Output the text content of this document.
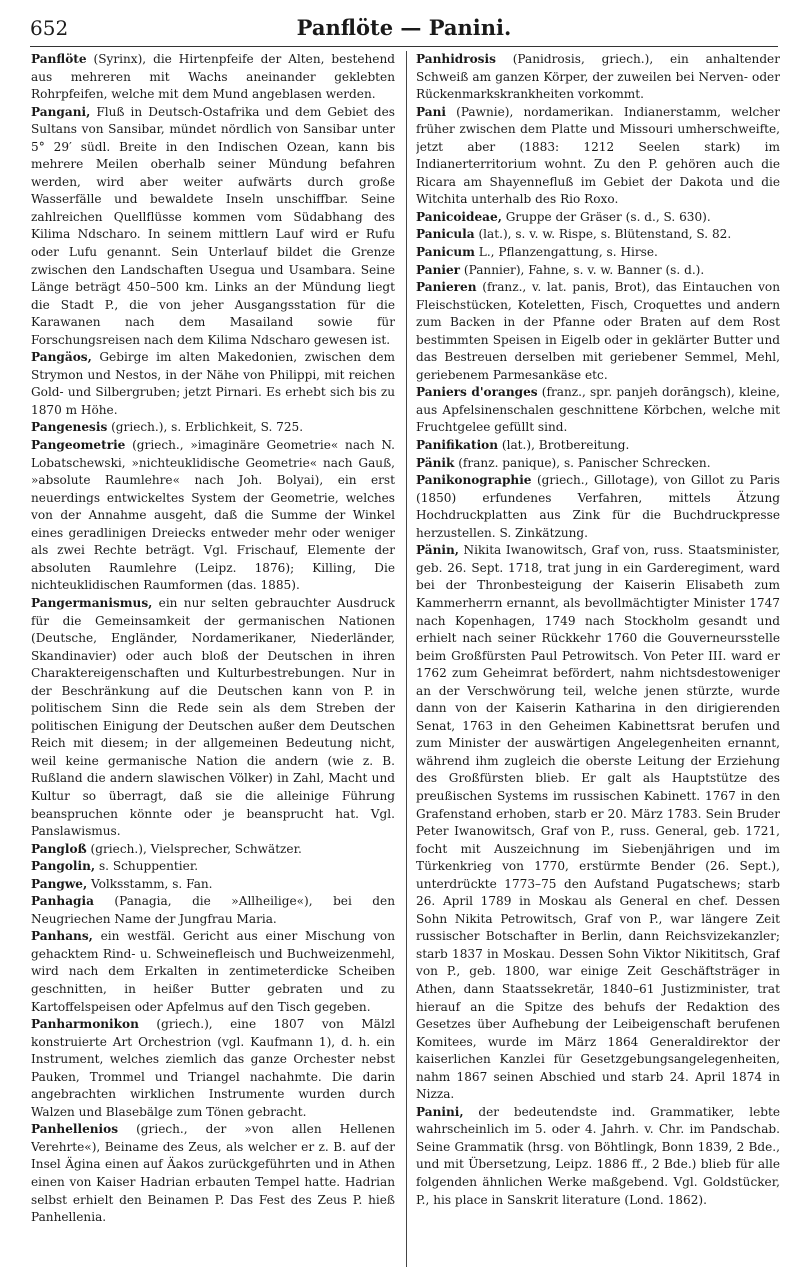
652	Panflöte — Panini.

Panflöte (Syrinx), die Hirtenpfeife der Alten, bestehend aus mehreren mit Wachs aneinander geklebten Rohrpfeifen, welche mit dem Mund angeblasen werden.

Pangani, Fluß in Deutsch-Ostafrika und dem Gebiet des Sultans von Sansibar, mündet nördlich von Sansibar unter 5° 29′ südl. Breite in den Indischen Ozean, kann bis mehrere Meilen oberhalb seiner Mündung befahren werden, wird aber weiter aufwärts durch große Wasserfälle und bewaldete Inseln unschiffbar. Seine zahlreichen Quellflüsse kommen vom Südabhang des Kilima Ndscharo. In seinem mittlern Lauf wird er Rufu oder Lufu genannt. Sein Unterlauf bildet die Grenze zwischen den Landschaften Usegua und Usambara. Seine Länge beträgt 450–500 km. Links an der Mündung liegt die Stadt P., die von jeher Ausgangsstation für die Karawanen nach dem Masailand sowie für Forschungsreisen nach dem Kilima Ndscharo gewesen ist.

Pangäos, Gebirge im alten Makedonien, zwischen dem Strymon und Nestos, in der Nähe von Philippi, mit reichen Gold- und Silbergruben; jetzt Pirnari. Es erhebt sich bis zu 1870 m Höhe.

Pangenesis (griech.), s. Erblichkeit, S. 725.

Pangeometrie (griech., »imaginäre Geometrie« nach N. Lobatschewski, »nichteuklidische Geometrie« nach Gauß, »absolute Raumlehre« nach Joh. Bolyai), ein erst neuerdings entwickeltes System der Geometrie, welches von der Annahme ausgeht, daß die Summe der Winkel eines geradlinigen Dreiecks entweder mehr oder weniger als zwei Rechte beträgt. Vgl. Frischauf, Elemente der absoluten Raumlehre (Leipz. 1876); Killing, Die nichteuklidischen Raumformen (das. 1885).

Pangermanismus, ein nur selten gebrauchter Ausdruck für die Gemeinsamkeit der germanischen Nationen (Deutsche, Engländer, Nordamerikaner, Niederländer, Skandinavier) oder auch bloß der Deutschen in ihren Charaktereigenschaften und Kulturbestrebungen. Nur in der Beschränkung auf die Deutschen kann von P. in politischem Sinn die Rede sein als dem Streben der politischen Einigung der Deutschen außer dem Deutschen Reich mit diesem; in der allgemeinen Bedeutung nicht, weil keine germanische Nation die andern (wie z. B. Rußland die andern slawischen Völker) in Zahl, Macht und Kultur so überragt, daß sie die alleinige Führung beanspruchen könnte oder je beansprucht hat. Vgl. Panslawismus.

Pangloß (griech.), Vielsprecher, Schwätzer.

Pangolin, s. Schuppentier.

Pangwe, Volksstamm, s. Fan.

Panhagia (Panagia, die »Allheilige«), bei den Neugriechen Name der Jungfrau Maria.

Panhans, ein westfäl. Gericht aus einer Mischung von gehacktem Rind- u. Schweinefleisch und Buchweizenmehl, wird nach dem Erkalten in zentimeterdicke Scheiben geschnitten, in heißer Butter gebraten und zu Kartoffelspeisen oder Apfelmus auf den Tisch gegeben.

Panharmonikon (griech.), eine 1807 von Mälzl konstruierte Art Orchestrion (vgl. Kaufmann 1), d. h. ein Instrument, welches ziemlich das ganze Orchester nebst Pauken, Trommel und Triangel nachahmte. Die darin angebrachten wirklichen Instrumente wurden durch Walzen und Blasebälge zum Tönen gebracht.

Panhellenios (griech., der »von allen Hellenen Verehrte«), Beiname des Zeus, als welcher er z. B. auf der Insel Ägina einen auf Äakos zurückgeführten und in Athen einen von Kaiser Hadrian erbauten Tempel hatte. Hadrian selbst erhielt den Beinamen P. Das Fest des Zeus P. hieß Panhellenia.

Panhidrosis (Panidrosis, griech.), ein anhaltender Schweiß am ganzen Körper, der zuweilen bei Nerven- oder Rückenmarkskrankheiten vorkommt.

Pani (Pawnie), nordamerikan. Indianerstamm, welcher früher zwischen dem Platte und Missouri umherschweifte, jetzt aber (1883: 1212 Seelen stark) im Indianerterritorium wohnt. Zu den P. gehören auch die Ricara am Shayennefluß im Gebiet der Dakota und die Witchita unterhalb des Rio Roxo.

Panicoideae, Gruppe der Gräser (s. d., S. 630).

Panicula (lat.), s. v. w. Rispe, s. Blütenstand, S. 82.

Panicum L., Pflanzengattung, s. Hirse.

Panier (Pannier), Fahne, s. v. w. Banner (s. d.).

Panieren (franz., v. lat. panis, Brot), das Eintauchen von Fleischstücken, Koteletten, Fisch, Croquettes und andern zum Backen in der Pfanne oder Braten auf dem Rost bestimmten Speisen in Eigelb oder in geklärter Butter und das Bestreuen derselben mit geriebener Semmel, Mehl, geriebenem Parmesankäse etc.

Paniers d'oranges (franz., spr. panjeh dorāngsch), kleine, aus Apfelsinenschalen geschnittene Körbchen, welche mit Fruchtgelee gefüllt sind.

Panifikation (lat.), Brotbereitung.

Pänik (franz. panique), s. Panischer Schrecken.

Panikonographie (griech., Gillotage), von Gillot zu Paris (1850) erfundenes Verfahren, mittels Ätzung Hochdruckplatten aus Zink für die Buchdruckpresse herzustellen. S. Zinkätzung.

Pänin, Nikita Iwanowitsch, Graf von, russ. Staatsminister, geb. 26. Sept. 1718, trat jung in ein Garderegiment, ward bei der Thronbesteigung der Kaiserin Elisabeth zum Kammerherrn ernannt, als bevollmächtigter Minister 1747 nach Kopenhagen, 1749 nach Stockholm gesandt und erhielt nach seiner Rückkehr 1760 die Gouverneursstelle beim Großfürsten Paul Petrowitsch. Von Peter III. ward er 1762 zum Geheimrat befördert, nahm nichtsdestoweniger an der Verschwörung teil, welche jenen stürzte, wurde dann von der Kaiserin Katharina in den dirigierenden Senat, 1763 in den Geheimen Kabinettsrat berufen und zum Minister der auswärtigen Angelegenheiten ernannt, während ihm zugleich die oberste Leitung der Erziehung des Großfürsten blieb. Er galt als Hauptstütze des preußischen Systems im russischen Kabinett. 1767 in den Grafenstand erhoben, starb er 20. März 1783. Sein Bruder Peter Iwanowitsch, Graf von P., russ. General, geb. 1721, focht mit Auszeichnung im Siebenjährigen und im Türkenkrieg von 1770, erstürmte Bender (26. Sept.), unterdrückte 1773–75 den Aufstand Pugatschews; starb 26. April 1789 in Moskau als General en chef. Dessen Sohn Nikita Petrowitsch, Graf von P., war längere Zeit russischer Botschafter in Berlin, dann Reichsvizekanzler; starb 1837 in Moskau. Dessen Sohn Viktor Nikititsch, Graf von P., geb. 1800, war einige Zeit Geschäftsträger in Athen, dann Staatssekretär, 1840–61 Justizminister, trat hierauf an die Spitze des behufs der Redaktion des Gesetzes über Aufhebung der Leibeigenschaft berufenen Komitees, wurde im März 1864 Generaldirektor der kaiserlichen Kanzlei für Gesetzgebungsangelegenheiten, nahm 1867 seinen Abschied und starb 24. April 1874 in Nizza.

Panini, der bedeutendste ind. Grammatiker, lebte wahrscheinlich im 5. oder 4. Jahrh. v. Chr. im Pandschab. Seine Grammatik (hrsg. von Böhtlingk, Bonn 1839, 2 Bde., und mit Übersetzung, Leipz. 1886 ff., 2 Bde.) blieb für alle folgenden ähnlichen Werke maßgebend. Vgl. Goldstücker, P., his place in Sanskrit literature (Lond. 1862).
